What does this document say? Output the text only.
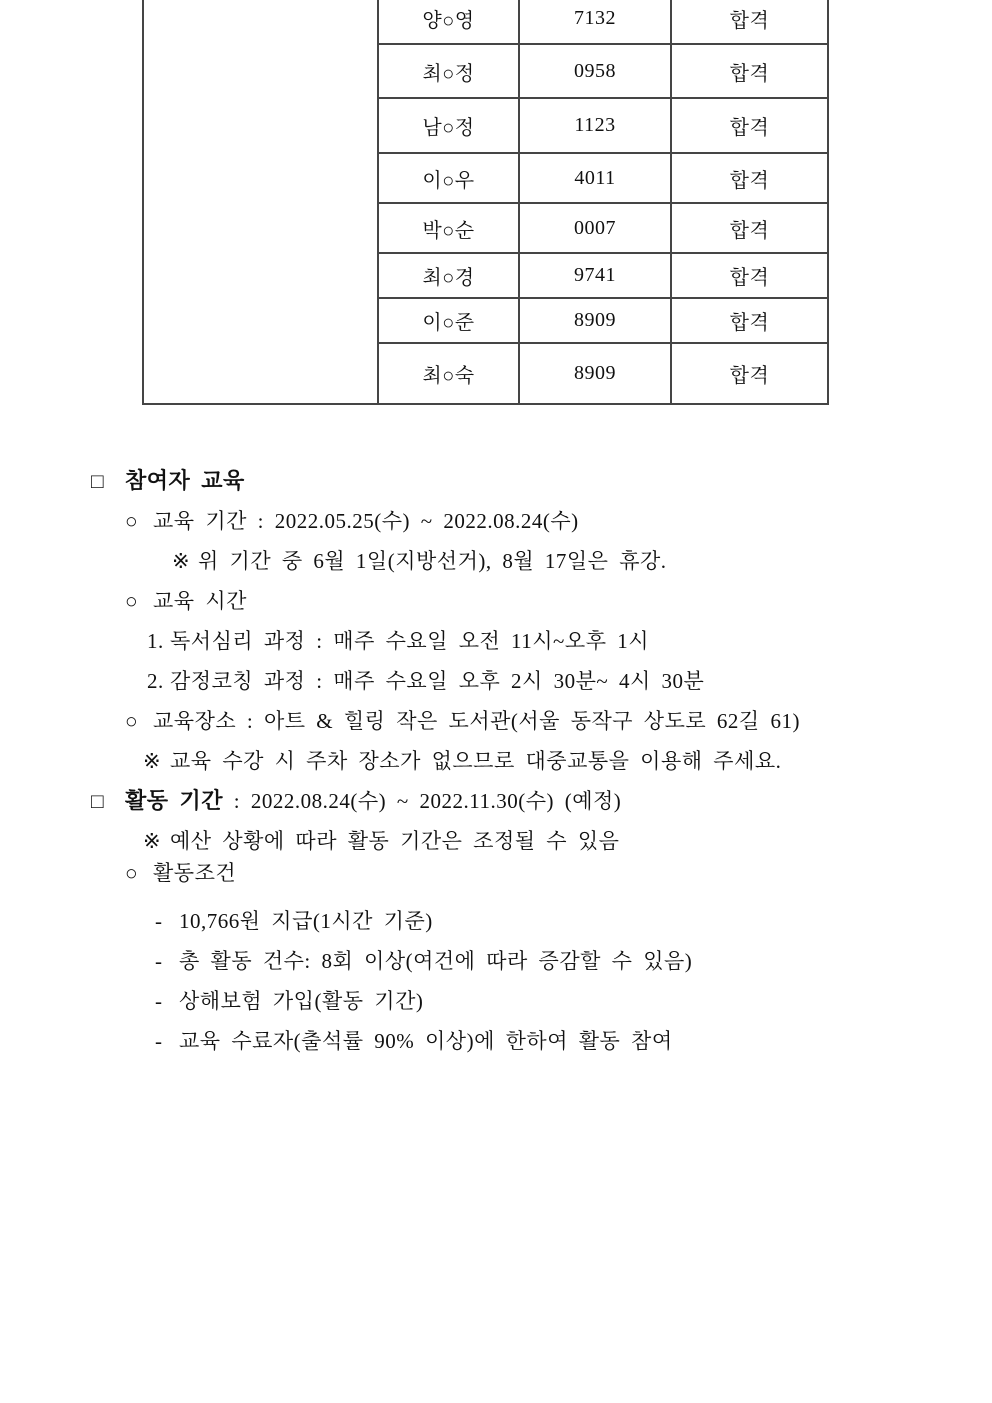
	양○영	7132	합격
	최○정	0958	합격
	남○정	1123	합격
	이○우	4011	합격
	박○순	0007	합격
	최○경	9741	합격
	이○준	8909	합격
	최○숙	8909	합격
□ 참여자 교육
○ 교육 기간 : 2022.05.25(수) ~ 2022.08.24(수)
※ 위 기간 중 6월 1일(지방선거), 8월 17일은 휴강.
○ 교육 시간
1. 독서심리 과정 : 매주 수요일 오전 11시~오후 1시
2. 감정코칭 과정 : 매주 수요일 오후 2시 30분~ 4시 30분
○ 교육장소 : 아트 & 힐링 작은 도서관(서울 동작구 상도로 62길 61)
※ 교육 수강 시 주차 장소가 없으므로 대중교통을 이용해 주세요.
□ 활동 기간 : 2022.08.24(수) ~ 2022.11.30(수) (예정)
※ 예산 상황에 따라 활동 기간은 조정될 수 있음
○ 활동조건
- 10,766원 지급(1시간 기준)
- 총 활동 건수: 8회 이상(여건에 따라 증감할 수 있음)
- 상해보험 가입(활동 기간)
- 교육 수료자(출석률 90% 이상)에 한하여 활동 참여
